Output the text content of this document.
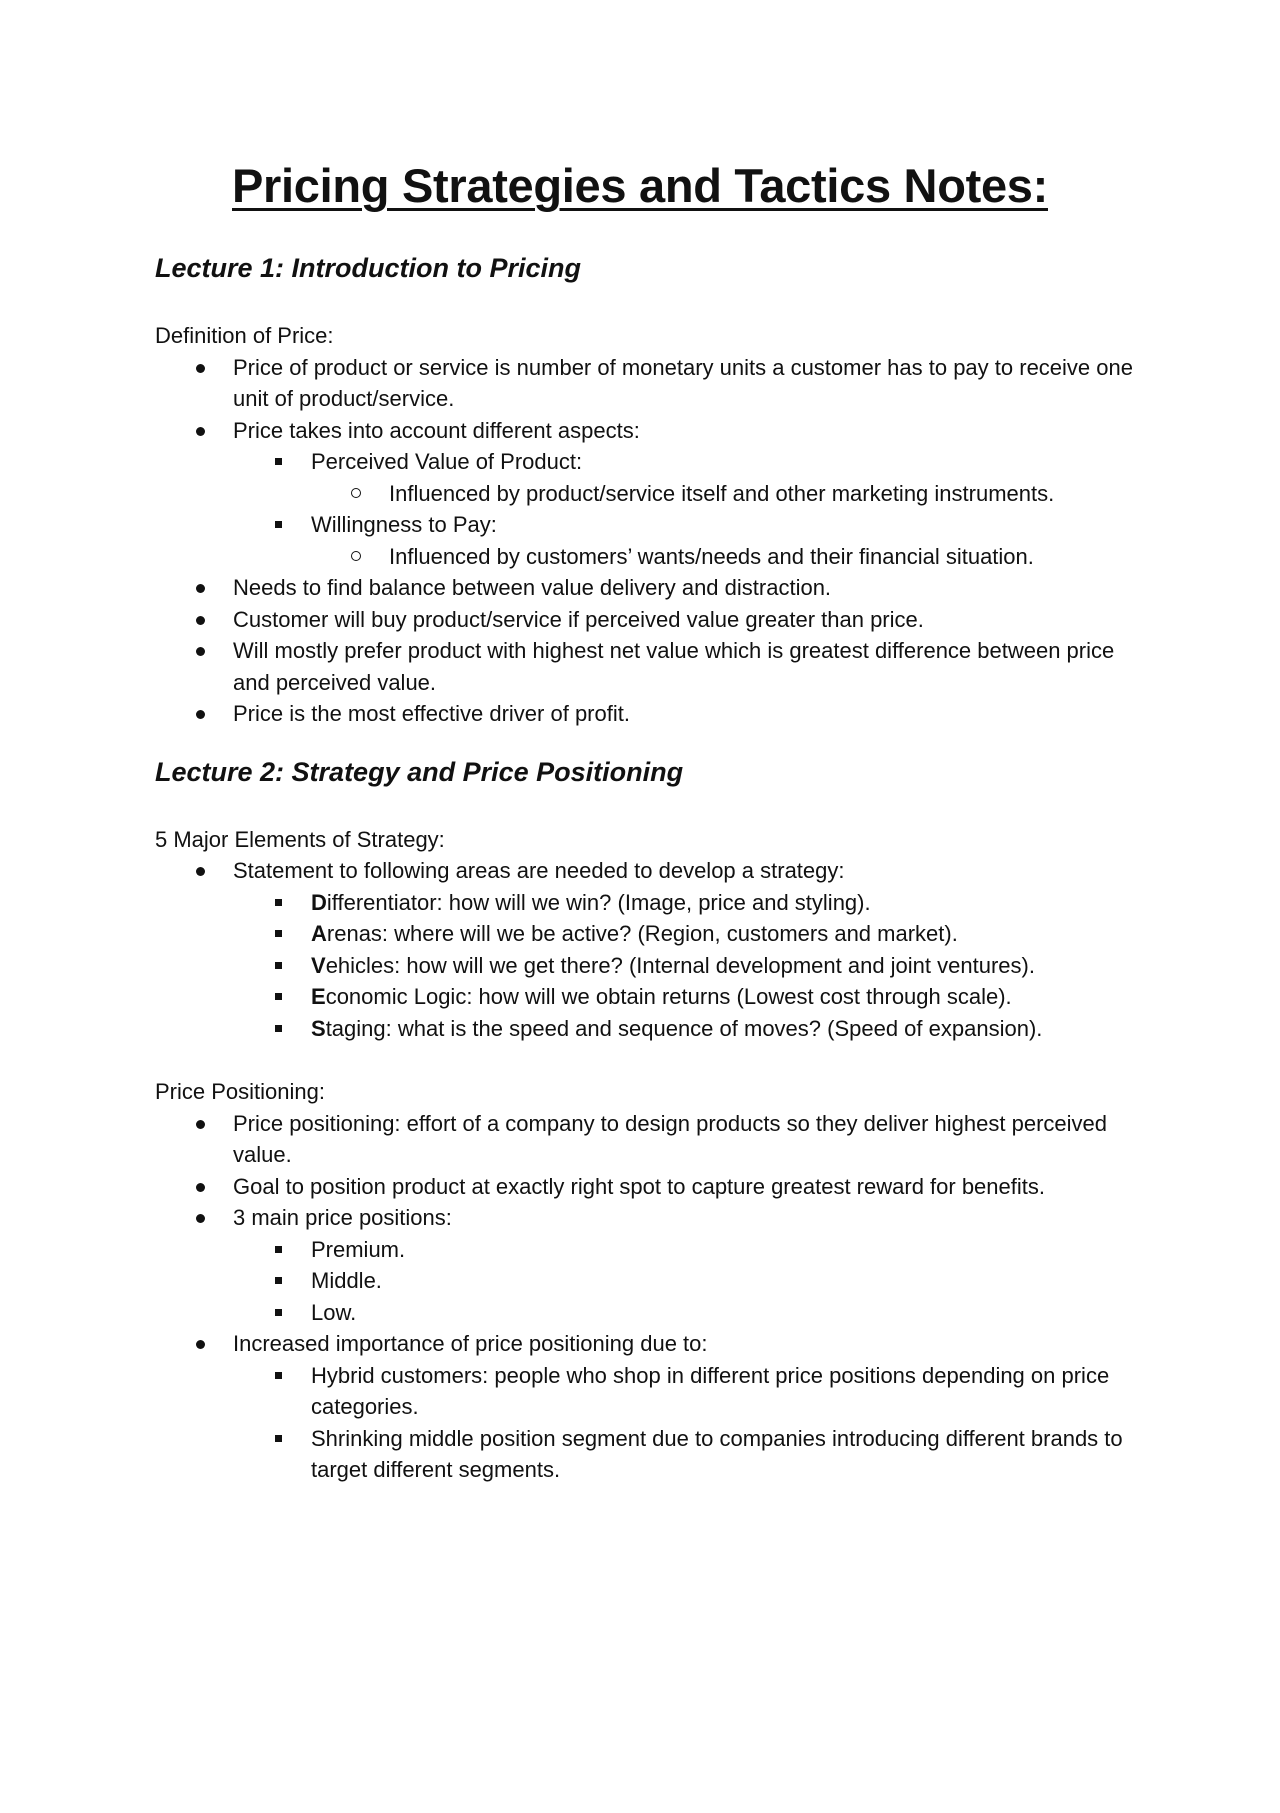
Pricing Strategies and Tactics Notes:
Lecture 1: Introduction to Pricing

Definition of Price:

Price of product or service is number of monetary units a customer has to pay to receive one unit of product/service.
Price takes into account different aspects:
Perceived Value of Product:
Influenced by product/service itself and other marketing instruments.
Willingness to Pay:
Influenced by customers’ wants/needs and their financial situation.
Needs to find balance between value delivery and distraction.
Customer will buy product/service if perceived value greater than price.
Will mostly prefer product with highest net value which is greatest difference between price and perceived value.
Price is the most effective driver of profit.
Lecture 2: Strategy and Price Positioning

5 Major Elements of Strategy:

Statement to following areas are needed to develop a strategy:
Differentiator: how will we win? (Image, price and styling).
Arenas: where will we be active? (Region, customers and market).
Vehicles: how will we get there? (Internal development and joint ventures).
Economic Logic: how will we obtain returns (Lowest cost through scale).
Staging: what is the speed and sequence of moves? (Speed of expansion).

Price Positioning:

Price positioning: effort of a company to design products so they deliver highest perceived value.
Goal to position product at exactly right spot to capture greatest reward for benefits.
3 main price positions:
Premium.
Middle.
Low.
Increased importance of price positioning due to:
Hybrid customers: people who shop in different price positions depending on price categories.
Shrinking middle position segment due to companies introducing different brands to target different segments.
